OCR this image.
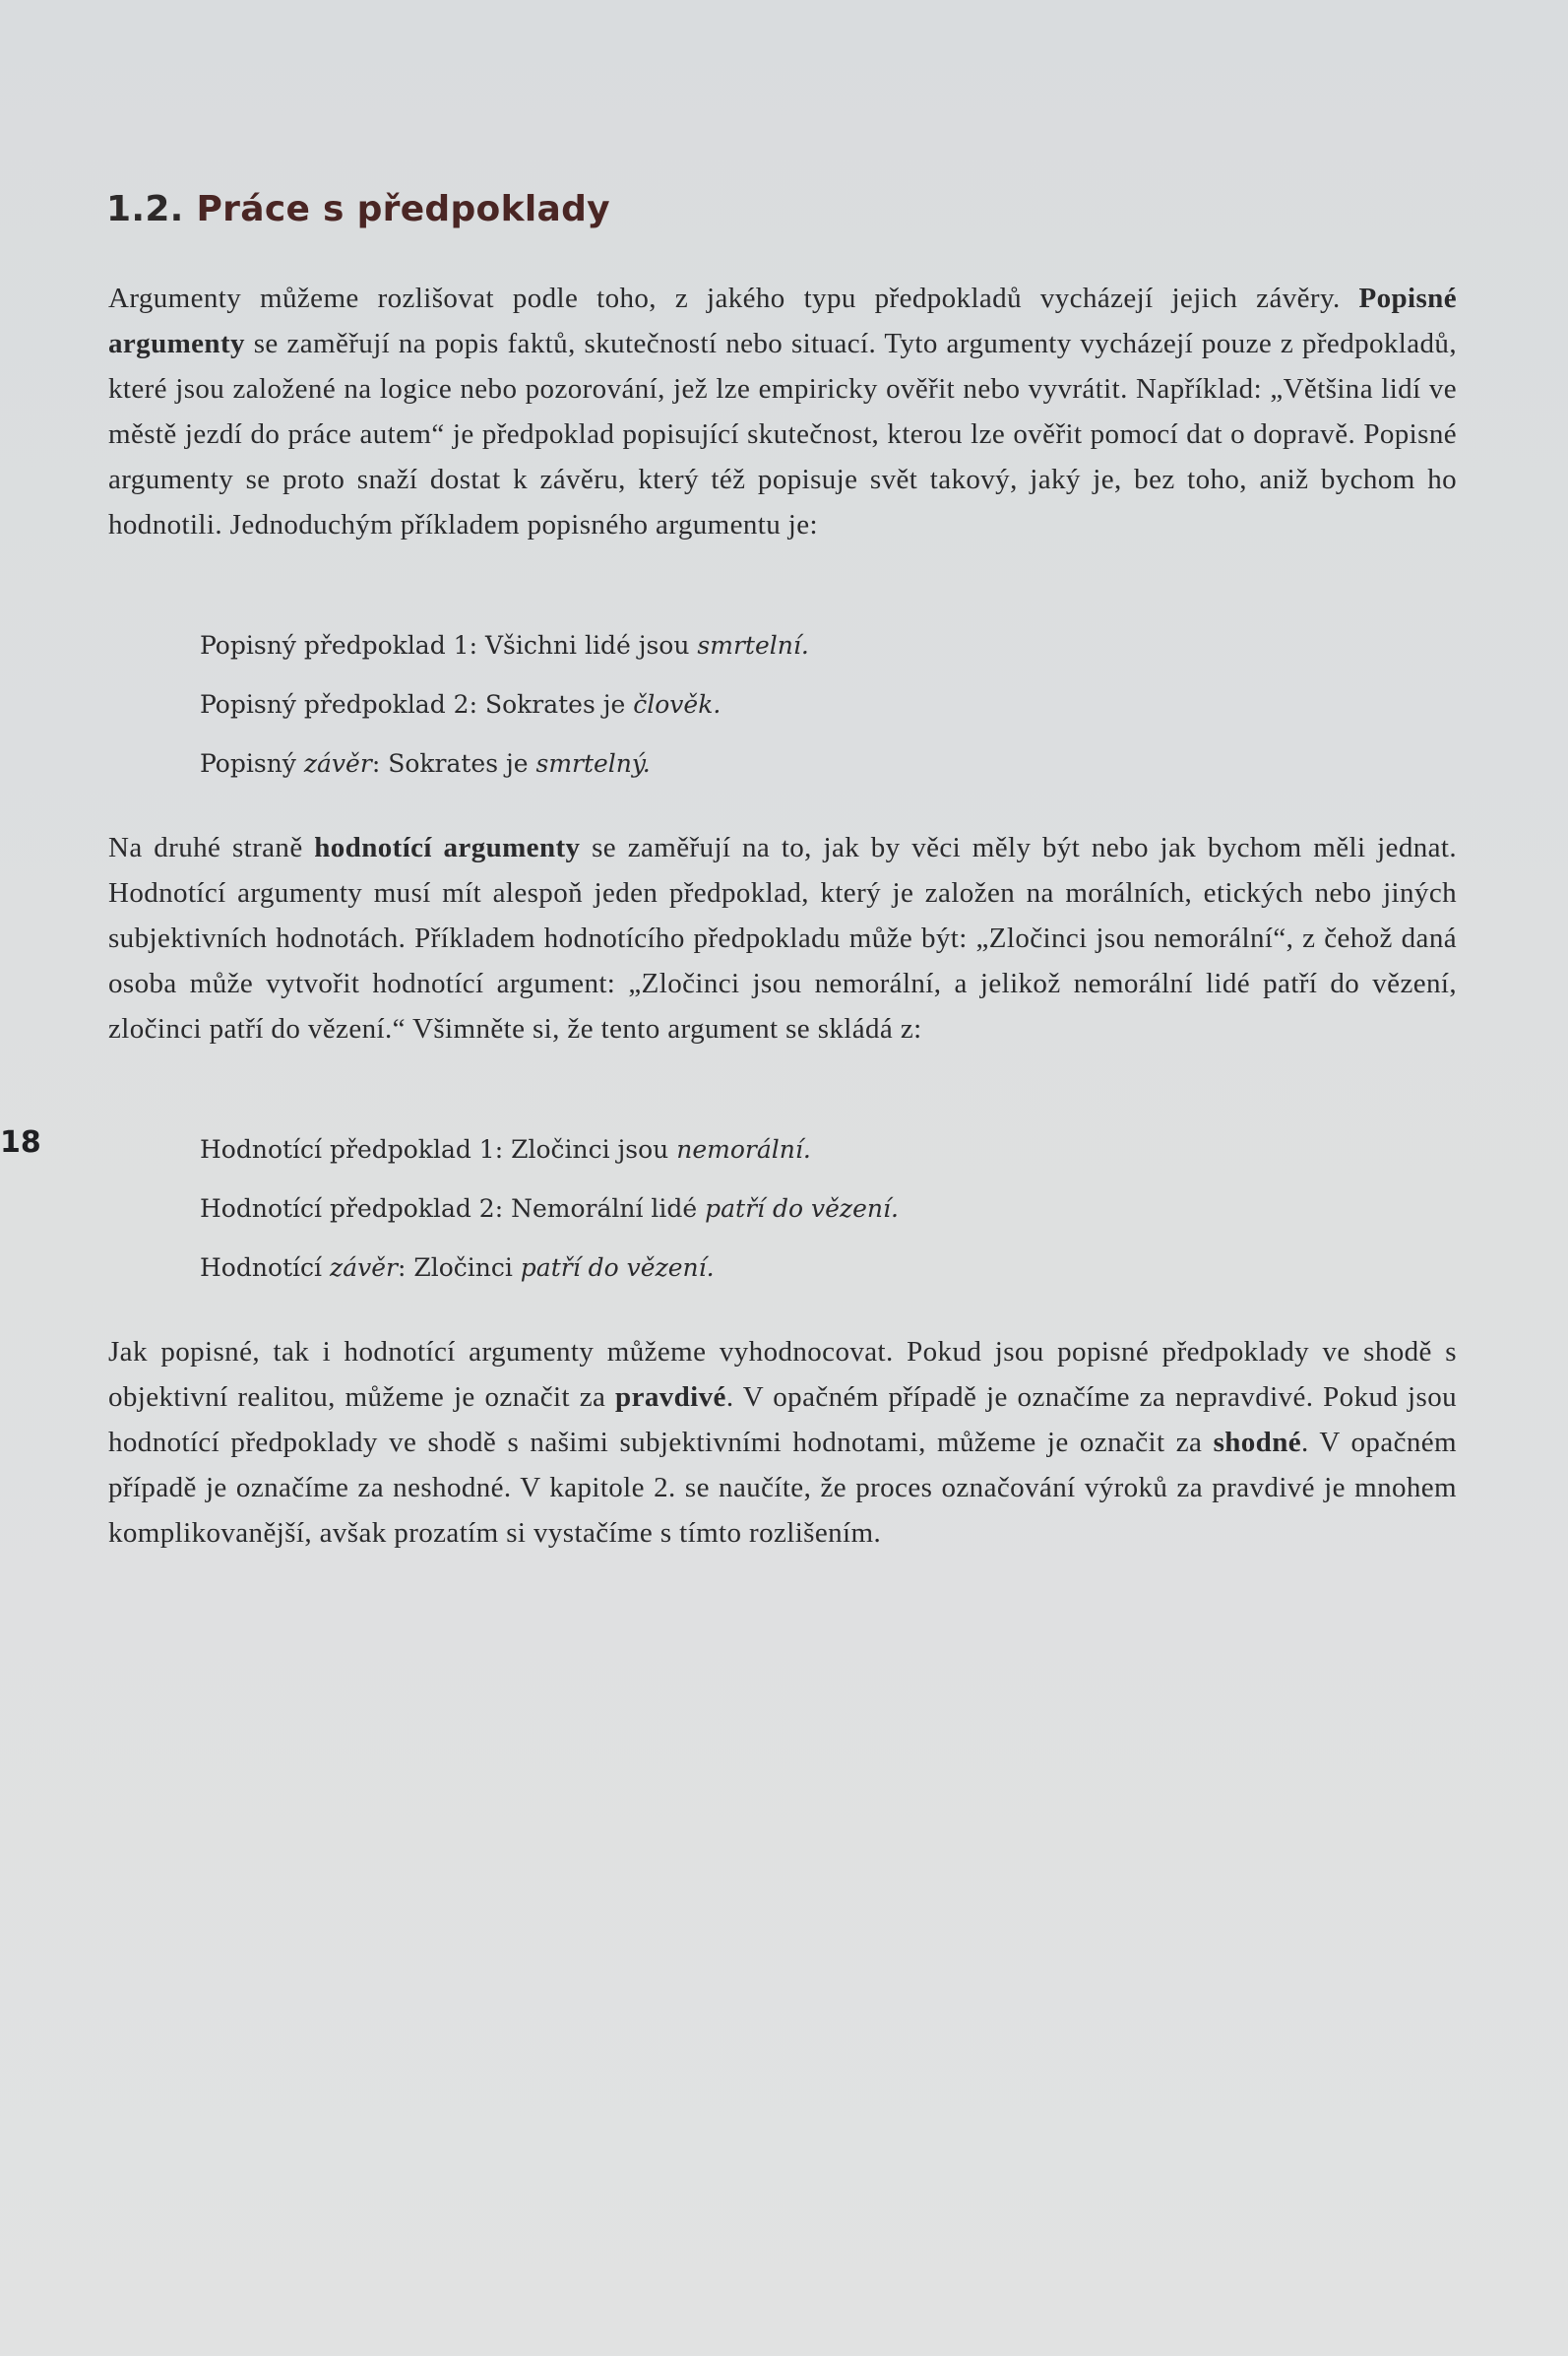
1.2. Práce s předpoklady

Argumenty můžeme rozlišovat podle toho, z jakého typu předpokladů vycházejí jejich závěry. Popisné argumenty se zaměřují na popis faktů, skutečností nebo situací. Tyto argumenty vycházejí pouze z předpokladů, které jsou založené na logice nebo pozorování, jež lze empiricky ověřit nebo vyvrátit. Například: „Většina lidí ve městě jezdí do práce autem“ je předpoklad popisující skutečnost, kterou lze ověřit pomocí dat o dopravě. Popisné argumenty se proto snaží dostat k závěru, který též popisuje svět takový, jaký je, bez toho, aniž bychom ho hodnotili. Jednoduchým příkladem popisného argumentu je:

Popisný předpoklad 1: Všichni lidé jsou smrtelní.
Popisný předpoklad 2: Sokrates je člověk.
Popisný závěr: Sokrates je smrtelný.

Na druhé straně hodnotící argumenty se zaměřují na to, jak by věci měly být nebo jak bychom měli jednat. Hodnotící argumenty musí mít alespoň jeden předpoklad, který je založen na morálních, etických nebo jiných subjektivních hodnotách. Příkladem hodnotícího předpokladu může být: „Zločinci jsou nemorální“, z čehož daná osoba může vytvořit hodnotící argument: „Zločinci jsou nemorální, a jelikož nemorální lidé patří do vězení, zločinci patří do vězení.“ Všimněte si, že tento argument se skládá z:

Hodnotící předpoklad 1: Zločinci jsou nemorální.
Hodnotící předpoklad 2: Nemorální lidé patří do vězení.
Hodnotící závěr: Zločinci patří do vězení.

Jak popisné, tak i hodnotící argumenty můžeme vyhodnocovat. Pokud jsou popisné předpoklady ve shodě s objektivní realitou, můžeme je označit za pravdivé. V opačném případě je označíme za nepravdivé. Pokud jsou hodnotící předpoklady ve shodě s našimi subjektivními hodnotami, můžeme je označit za shodné. V opačném případě je označíme za neshodné. V kapitole 2. se naučíte, že proces označování výroků za pravdivé je mnohem komplikovanější, avšak prozatím si vystačíme s tímto rozlišením.

18
